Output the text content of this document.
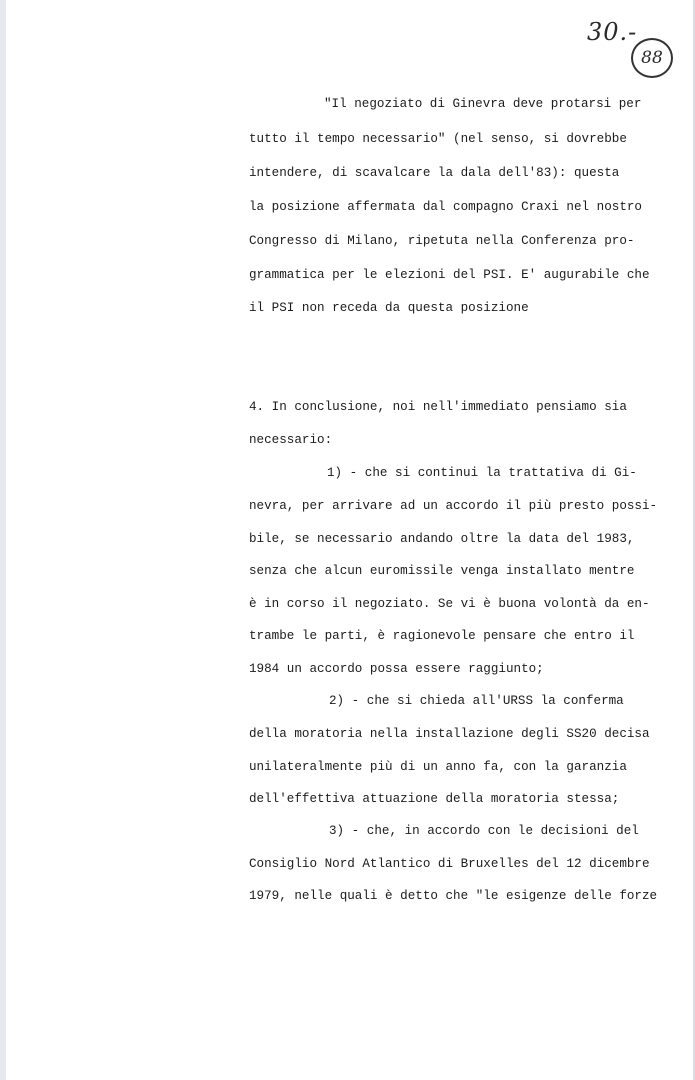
30.-
88
"Il negoziato di Ginevra deve protarsi per
tutto il tempo necessario" (nel senso, si dovrebbe
intendere, di scavalcare la dala dell'83): questa
la posizione affermata dal compagno Craxi nel nostro
Congresso di Milano, ripetuta nella Conferenza pro-
grammatica per le elezioni del PSI. E' augurabile che
il PSI non receda da questa posizione
4. In conclusione, noi nell'immediato pensiamo sia
necessario:
1) - che si continui la trattativa di Gi-
nevra, per arrivare ad un accordo il più presto possi-
bile, se necessario andando oltre la data del 1983,
senza che alcun euromissile venga installato mentre
è in corso il negoziato. Se vi è buona volontà da en-
trambe le parti, è ragionevole pensare che entro il
1984 un accordo possa essere raggiunto;
2) - che si chieda all'URSS la conferma
della moratoria nella installazione degli SS20 decisa
unilateralmente più di un anno fa, con la garanzia
dell'effettiva attuazione della moratoria stessa;
3) - che, in accordo con le decisioni del
Consiglio Nord Atlantico di Bruxelles del 12 dicembre
1979, nelle quali è detto che "le esigenze delle forze
